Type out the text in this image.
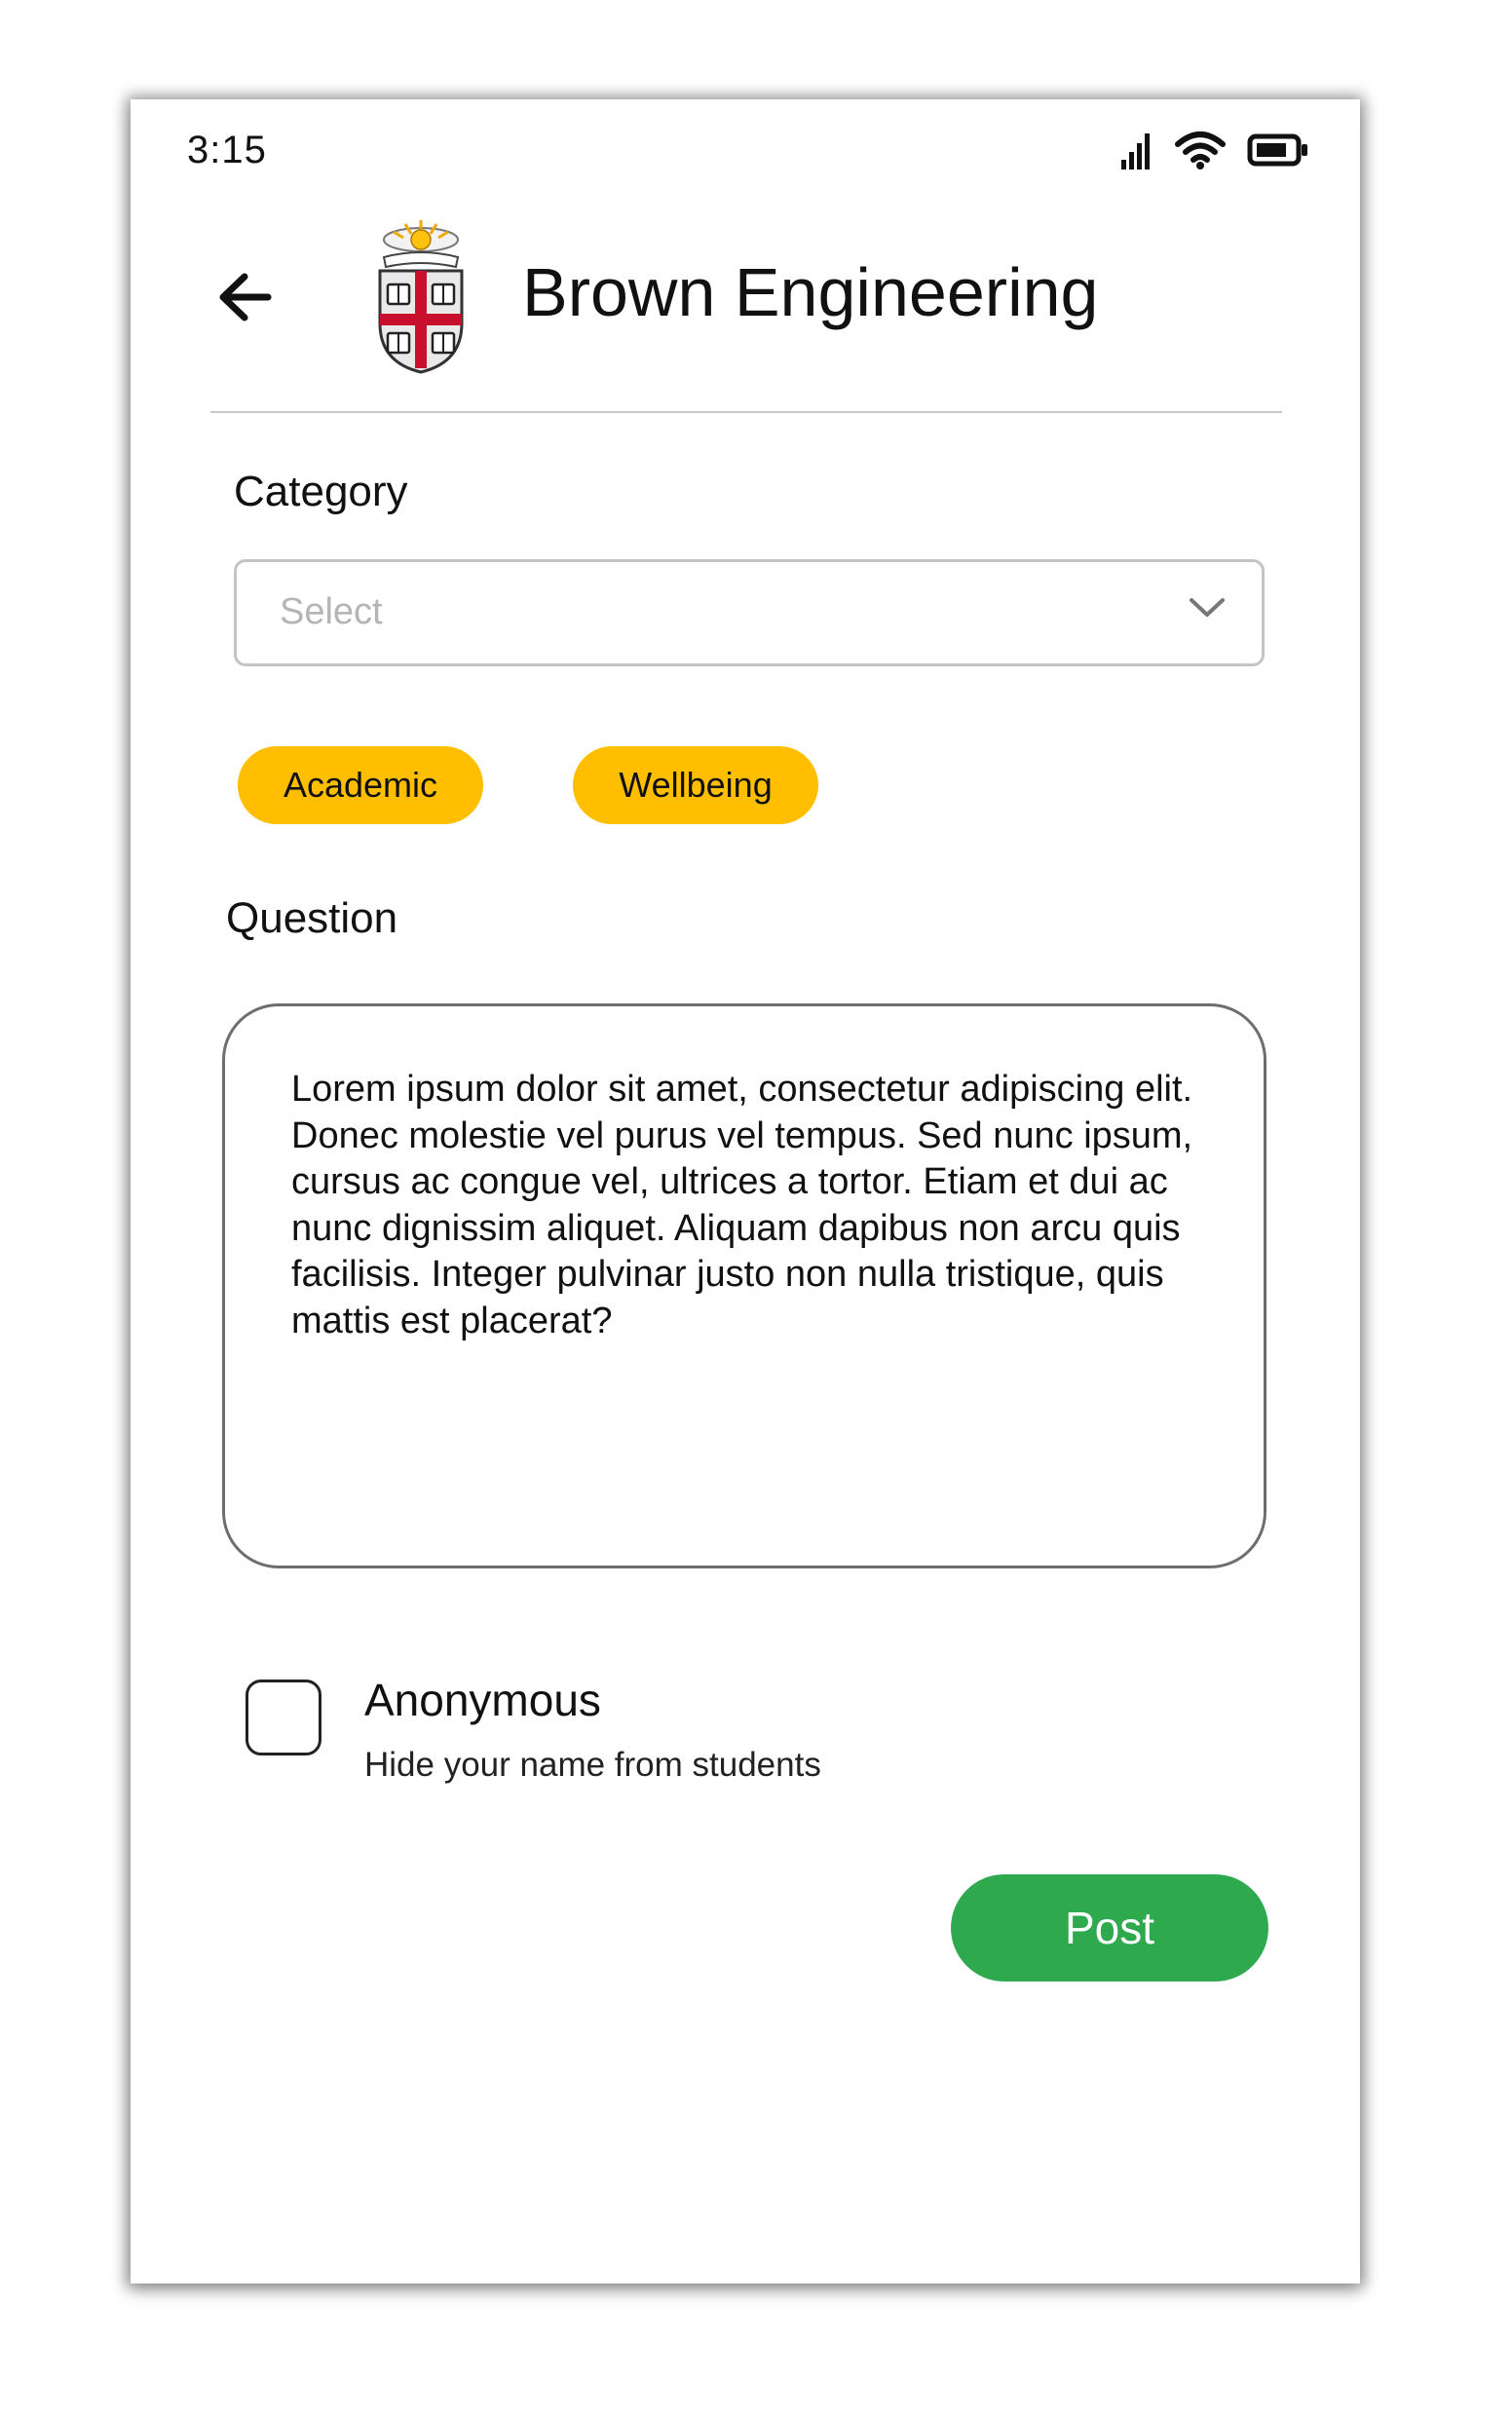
3:15
Brown Engineering
Category
Select
Academic	Wellbeing
Question
Lorem ipsum dolor sit amet, consectetur adipiscing elit. Donec molestie vel purus vel tempus. Sed nunc ipsum, cursus ac congue vel, ultrices a tortor. Etiam et dui ac nunc dignissim aliquet. Aliquam dapibus non arcu quis facilisis. Integer pulvinar justo non nulla tristique, quis mattis est placerat?
Anonymous
Hide your name from students
Post
